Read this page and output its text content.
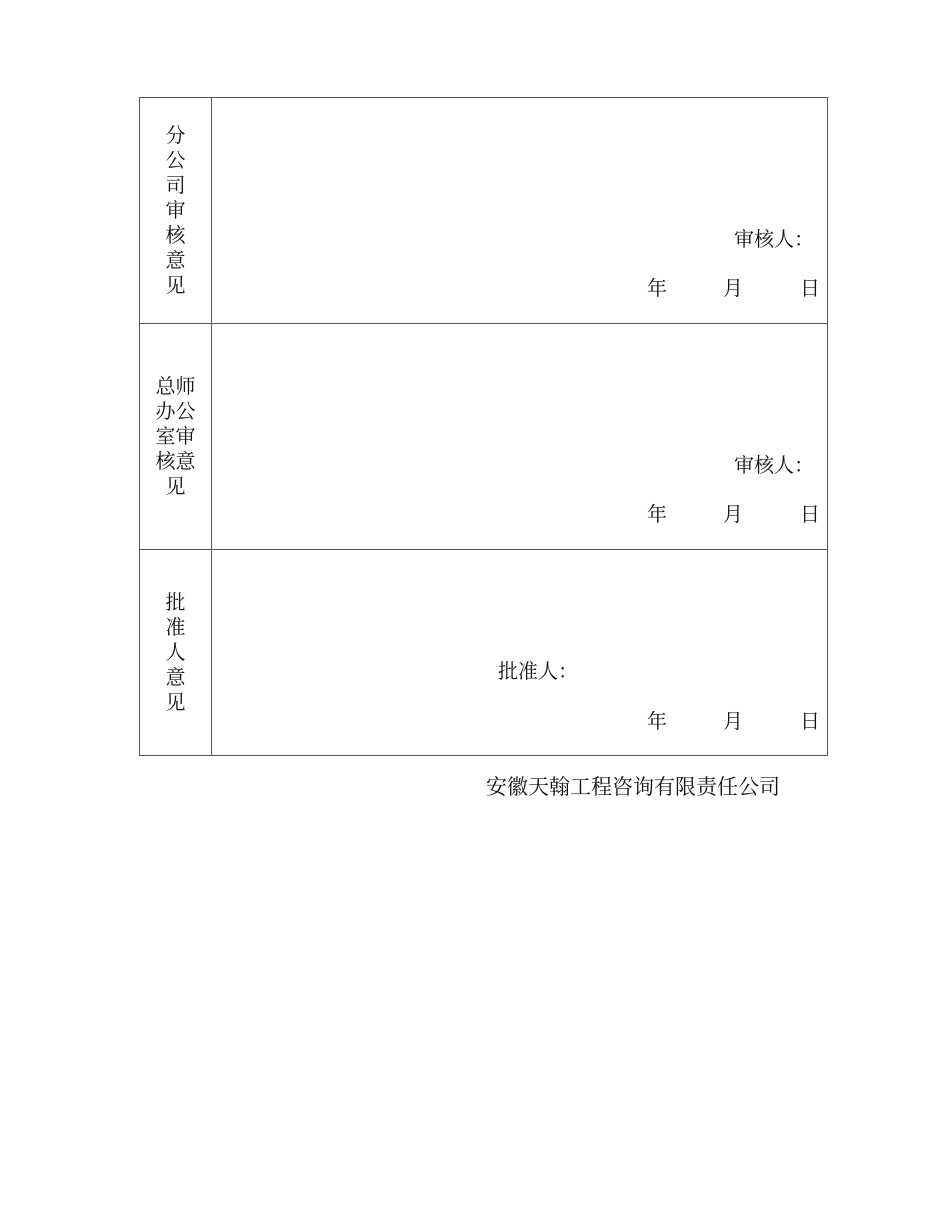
分公司审核意见
审核人：
年	月	日
总师办公室审核意见
审核人：
年	月	日
批准人意见
批准人：
年	月	日
安徽天翰工程咨询有限责任公司
